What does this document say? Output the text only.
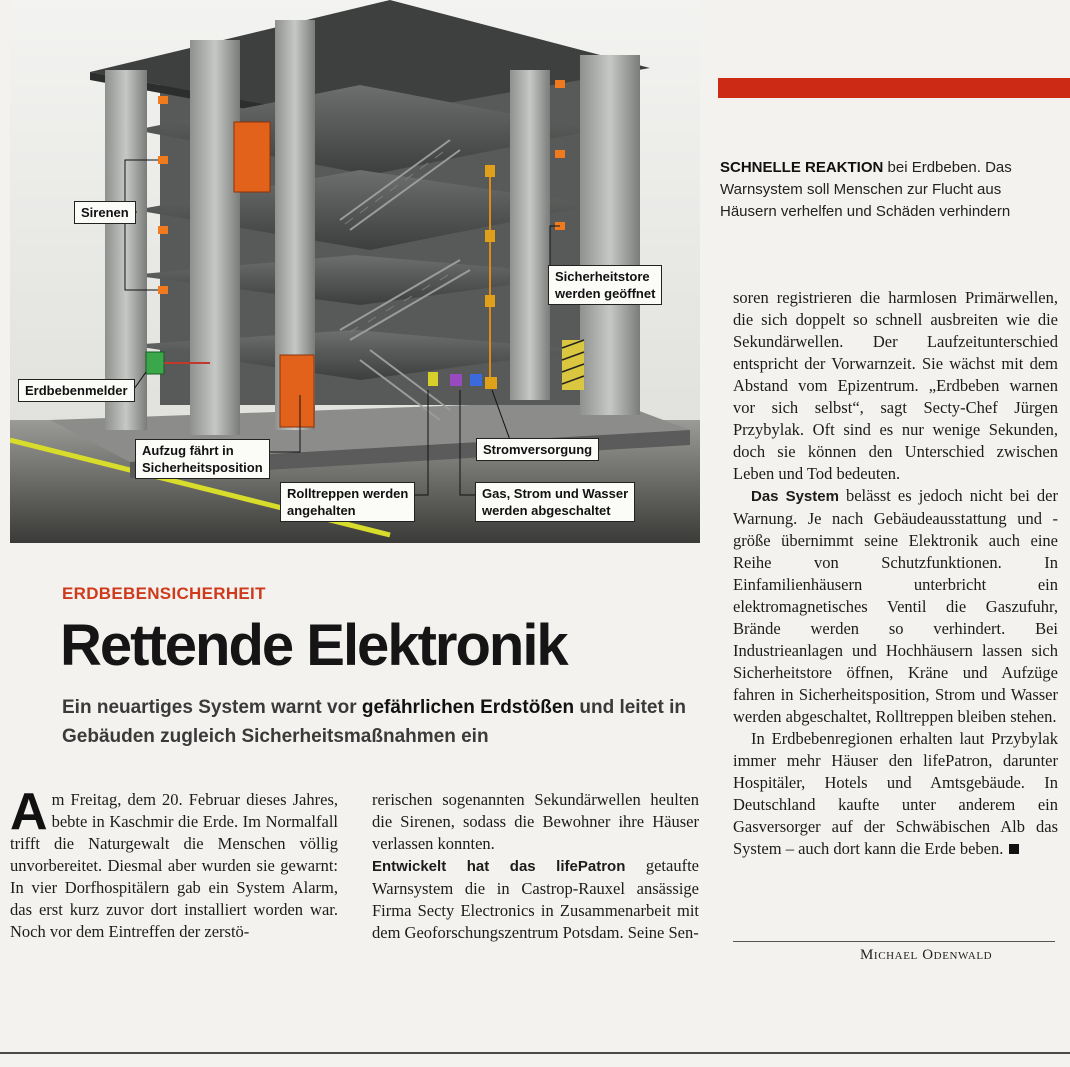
Sirenen
Erdbebenmelder
Aufzug fährt in
Sicherheitsposition
Rolltreppen werden
angehalten
Gas, Strom und Wasser
werden abgeschaltet
Stromversorgung
Sicherheitstore
werden geöffnet
SCHNELLE REAKTION bei Erdbeben. Das Warnsystem soll Menschen zur Flucht aus Häusern verhelfen und Schäden verhindern
ERDBEBENSICHERHEIT
Rettende Elektronik
Ein neuartiges System warnt vor gefährlichen Erdstößen und leitet in Gebäuden zugleich Sicherheitsmaßnahmen ein

Am Freitag, dem 20. Februar dieses Jahres, bebte in Kaschmir die Erde. Im Normalfall trifft die Naturgewalt die Menschen völlig unvorbereitet. Diesmal aber wurden sie gewarnt: In vier Dorfhospitälern gab ein System Alarm, das erst kurz zuvor dort installiert worden war. Noch vor dem Eintreffen der zerstö-

rerischen sogenannten Sekundärwellen heulten die Sirenen, sodass die Bewohner ihre Häuser verlassen konnten.

Entwickelt hat das lifePatron getaufte Warnsystem die in Castrop-Rauxel ansässige Firma Secty Electronics in Zusammenarbeit mit dem Geoforschungszentrum Potsdam. Seine Sen-

soren registrieren die harmlosen Primärwellen, die sich doppelt so schnell ausbreiten wie die Sekundärwellen. Der Laufzeitunterschied entspricht der Vorwarnzeit. Sie wächst mit dem Abstand vom Epizentrum. „Erdbeben warnen vor sich selbst“, sagt Secty-Chef Jürgen Przybylak. Oft sind es nur wenige Sekunden, doch sie können den Unterschied zwischen Leben und Tod bedeuten.

Das System belässt es jedoch nicht bei der Warnung. Je nach Gebäudeausstattung und -größe übernimmt seine Elektronik auch eine Reihe von Schutzfunktionen. In Einfamilienhäusern unterbricht ein elektromagnetisches Ventil die Gaszufuhr, Brände werden so verhindert. Bei Industrieanlagen und Hochhäusern lassen sich Sicherheitstore öffnen, Kräne und Aufzüge fahren in Sicherheitsposition, Strom und Wasser werden abgeschaltet, Rolltreppen bleiben stehen.

In Erdbebenregionen erhalten laut Przybylak immer mehr Häuser den lifePatron, darunter Hospitäler, Hotels und Amtsgebäude. In Deutschland kaufte unter anderem ein Gasversorger auf der Schwäbischen Alb das System – auch dort kann die Erde beben.

Michael Odenwald
